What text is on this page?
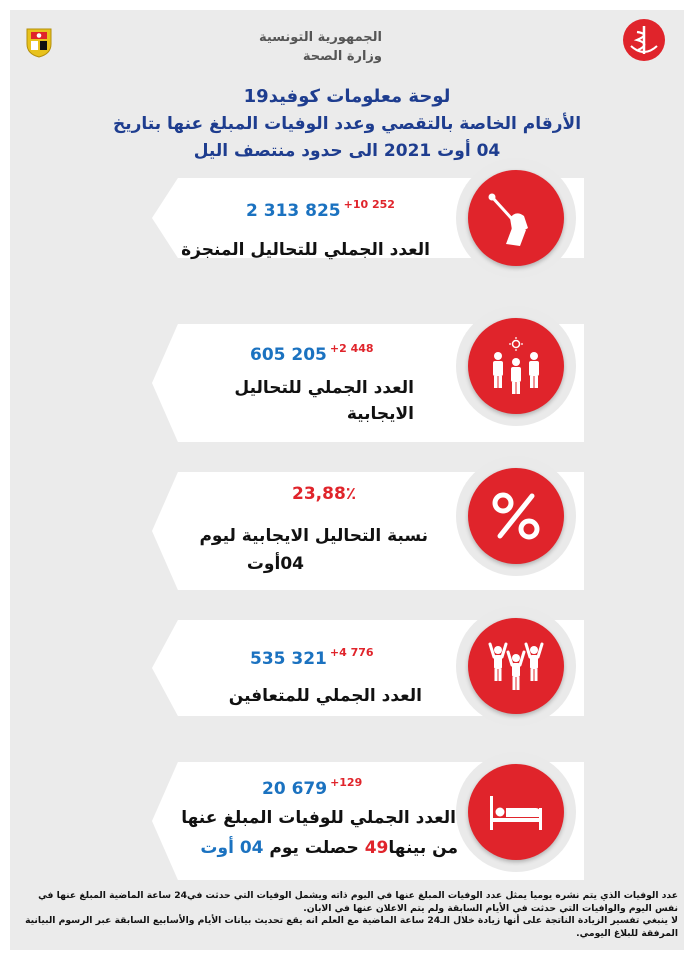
الجمهورية التونسية
وزارة الصحة
لوحة معلومات كوفيد19
الأرقام الخاصة بالتقصي وعدد الوفيات المبلغ عنها بتاريخ
04 أوت 2021 الى حدود منتصف اليل
2 313 825 $^{+10 252}$
العدد الجملي للتحاليل المنجزة
605 205 $^{+2 448}$
العدد الجملي للتحاليل
الايجابية
23,88٪
نسبة التحاليل الايجابية ليوم
04أوت
535 321 $^{+4 776}$
العدد الجملي للمتعافين
20 679 $^{+129}$
العدد الجملي للوفيات المبلغ عنها
من بينها49 حصلت يوم 04 أوت
عدد الوفيات الذي يتم نشره يوميا يمثل عدد الوفيات المبلغ عنها في اليوم ذاته ويشمل الوفيات التي حدثت في24 ساعة الماضية المبلغ عنها في نفس اليوم والوافيات التي حدثت في الأيام السابقة ولم يتم الاعلان عنها في الابان.
لا ينبغي تفسير الزيادة الناتجة على أنها زيادة خلال الـ24 ساعة الماضية مع العلم انه يقع تحديث بيانات الأيام والأسابيع السابقة عبر الرسوم البيانية المرفقة للبلاغ اليومي.
